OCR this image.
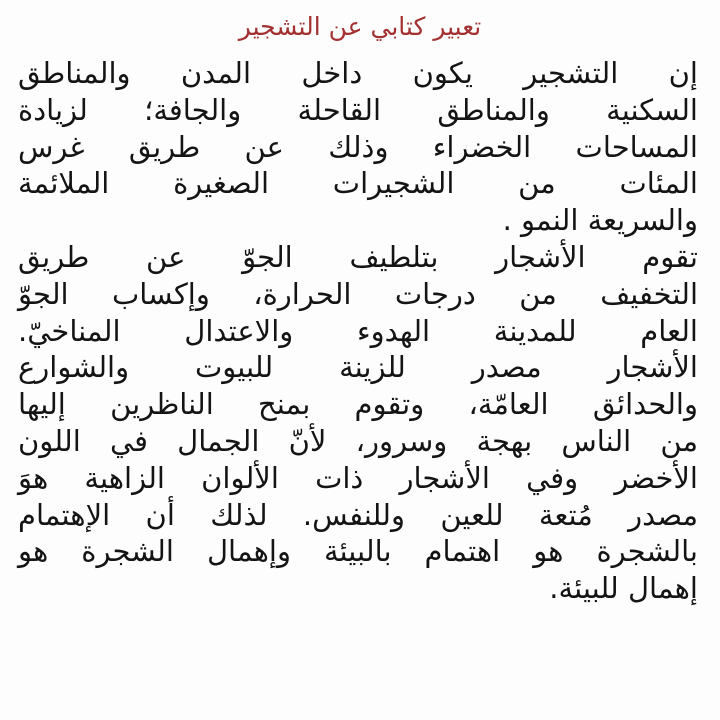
تعبير كتابي عن التشجير
إن التشجير يكون داخل المدن والمناطق
السكنية والمناطق القاحلة والجافة؛ لزيادة
المساحات الخضراء وذلك عن طريق غرس
المئات من الشجيرات الصغيرة الملائمة
والسريعة النمو .
تقوم الأشجار بتلطيف الجوّ عن طريق
التخفيف من درجات الحرارة، وإكساب الجوّ
العام للمدينة الهدوء والاعتدال المناخيّ.
الأشجار مصدر للزينة للبيوت والشوارع
والحدائق العامّة، وتقوم بمنح الناظرين إليها
من الناس بهجة وسرور، لأنّ الجمال في اللون
الأخضر وفي الأشجار ذات الألوان الزاهية هوَ
مصدر مُتعة للعين وللنفس. لذلك أن الإهتمام
بالشجرة هو اهتمام بالبيئة وإهمال الشجرة هو
إهمال للبيئة.
